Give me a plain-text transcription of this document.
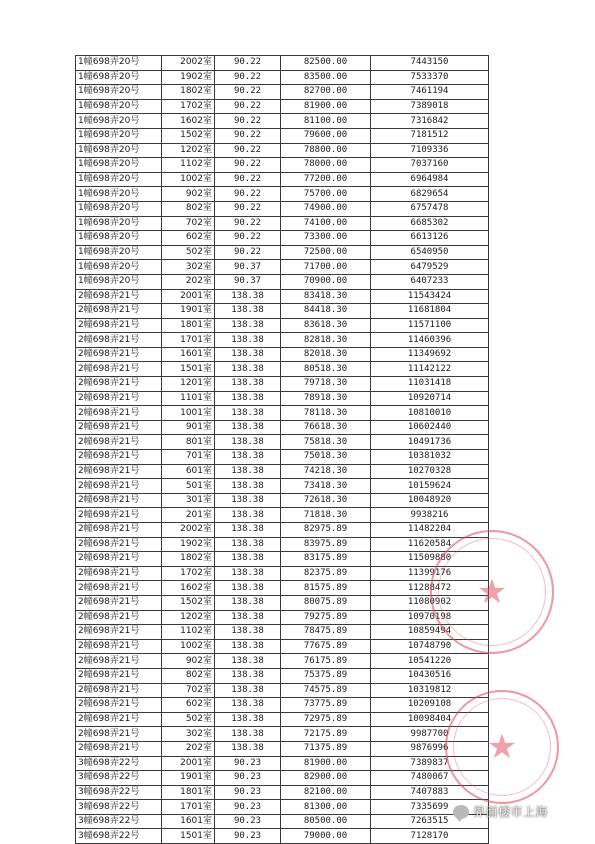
1幢698弄20号	2002室	90.22	82500.00	7443150
1幢698弄20号	1902室	90.22	83500.00	7533370
1幢698弄20号	1802室	90.22	82700.00	7461194
1幢698弄20号	1702室	90.22	81900.00	7389018
1幢698弄20号	1602室	90.22	81100.00	7316842
1幢698弄20号	1502室	90.22	79600.00	7181512
1幢698弄20号	1202室	90.22	78800.00	7109336
1幢698弄20号	1102室	90.22	78000.00	7037160
1幢698弄20号	1002室	90.22	77200.00	6964984
1幢698弄20号	902室	90.22	75700.00	6829654
1幢698弄20号	802室	90.22	74900.00	6757478
1幢698弄20号	702室	90.22	74100.00	6685302
1幢698弄20号	602室	90.22	73300.00	6613126
1幢698弄20号	502室	90.22	72500.00	6540950
1幢698弄20号	302室	90.37	71700.00	6479529
1幢698弄20号	202室	90.37	70900.00	6407233
2幢698弄21号	2001室	138.38	83418.30	11543424
2幢698弄21号	1901室	138.38	84418.30	11681804
2幢698弄21号	1801室	138.38	83618.30	11571100
2幢698弄21号	1701室	138.38	82818.30	11460396
2幢698弄21号	1601室	138.38	82018.30	11349692
2幢698弄21号	1501室	138.38	80518.30	11142122
2幢698弄21号	1201室	138.38	79718.30	11031418
2幢698弄21号	1101室	138.38	78918.30	10920714
2幢698弄21号	1001室	138.38	78118.30	10810010
2幢698弄21号	901室	138.38	76618.30	10602440
2幢698弄21号	801室	138.38	75818.30	10491736
2幢698弄21号	701室	138.38	75018.30	10381032
2幢698弄21号	601室	138.38	74218.30	10270328
2幢698弄21号	501室	138.38	73418.30	10159624
2幢698弄21号	301室	138.38	72618.30	10048920
2幢698弄21号	201室	138.38	71818.30	9938216
2幢698弄21号	2002室	138.38	82975.89	11482204
2幢698弄21号	1902室	138.38	83975.89	11620584
2幢698弄21号	1802室	138.38	83175.89	11509880
2幢698弄21号	1702室	138.38	82375.89	11399176
2幢698弄21号	1602室	138.38	81575.89	11288472
2幢698弄21号	1502室	138.38	80075.89	11080902
2幢698弄21号	1202室	138.38	79275.89	10970198
2幢698弄21号	1102室	138.38	78475.89	10859494
2幢698弄21号	1002室	138.38	77675.89	10748790
2幢698弄21号	902室	138.38	76175.89	10541220
2幢698弄21号	802室	138.38	75375.89	10430516
2幢698弄21号	702室	138.38	74575.89	10319812
2幢698弄21号	602室	138.38	73775.89	10209108
2幢698弄21号	502室	138.38	72975.89	10098404
2幢698弄21号	302室	138.38	72175.89	9987700
2幢698弄21号	202室	138.38	71375.89	9876996
3幢698弄22号	2001室	90.23	81900.00	7389837
3幢698弄22号	1901室	90.23	82900.00	7480067
3幢698弄22号	1801室	90.23	82100.00	7407883
3幢698弄22号	1701室	90.23	81300.00	7335699
3幢698弄22号	1601室	90.23	80500.00	7263515
3幢698弄22号	1501室	90.23	79000.00	7128170
★
★
界面楼市上海
